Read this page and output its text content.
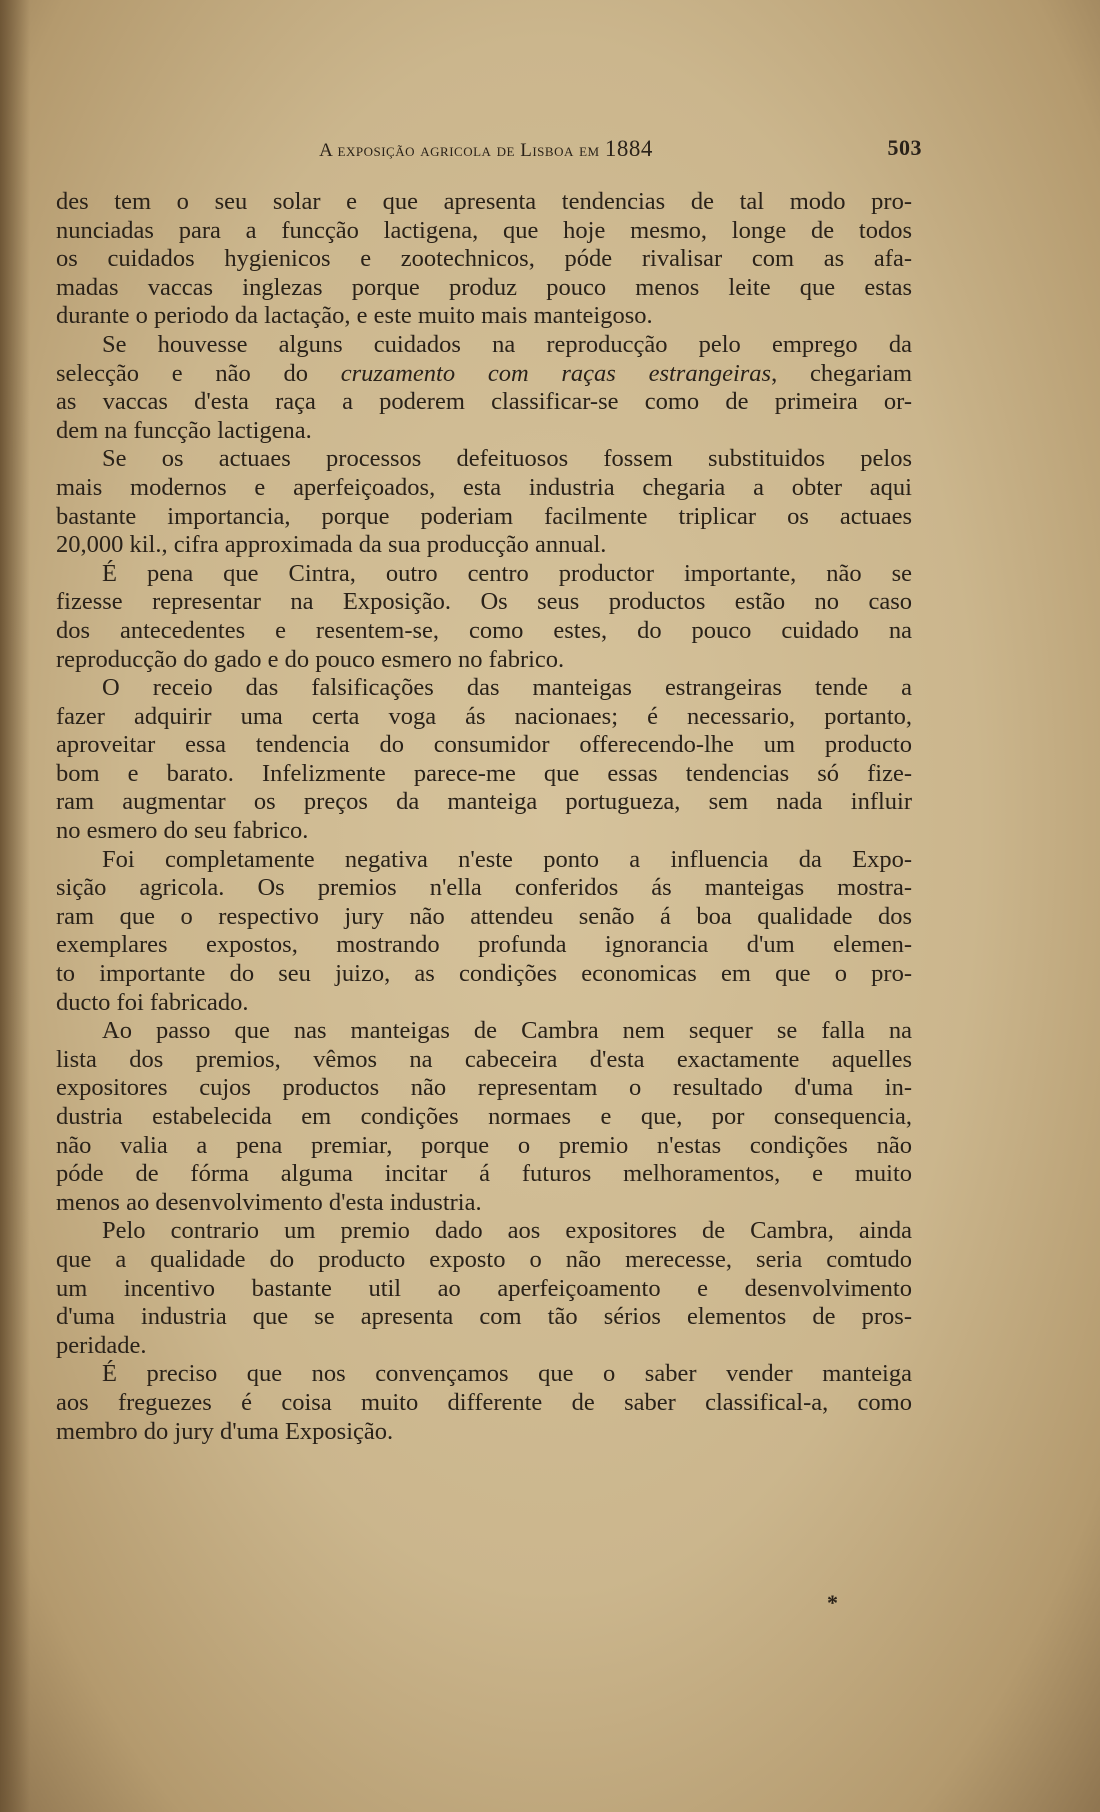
A exposição agricola de Lisboa em 1884	503
des tem o seu solar e que apresenta tendencias de tal modo pro-
nunciadas para a funcção lactigena, que hoje mesmo, longe de todos
os cuidados hygienicos e zootechnicos, póde rivalisar com as afa-
madas vaccas inglezas porque produz pouco menos leite que estas
durante o periodo da lactação, e este muito mais manteigoso.
Se houvesse alguns cuidados na reproducção pelo emprego da
selecção e não do cruzamento com raças estrangeiras, chegariam
as vaccas d'esta raça a poderem classificar-se como de primeira or-
dem na funcção lactigena.
Se os actuaes processos defeituosos fossem substituidos pelos
mais modernos e aperfeiçoados, esta industria chegaria a obter aqui
bastante importancia, porque poderiam facilmente triplicar os actuaes
20,000 kil., cifra approximada da sua producção annual.
É pena que Cintra, outro centro productor importante, não se
fizesse representar na Exposição. Os seus productos estão no caso
dos antecedentes e resentem-se, como estes, do pouco cuidado na
reproducção do gado e do pouco esmero no fabrico.
O receio das falsificações das manteigas estrangeiras tende a
fazer adquirir uma certa voga ás nacionaes; é necessario, portanto,
aproveitar essa tendencia do consumidor offerecendo-lhe um producto
bom e barato. Infelizmente parece-me que essas tendencias só fize-
ram augmentar os preços da manteiga portugueza, sem nada influir
no esmero do seu fabrico.
Foi completamente negativa n'este ponto a influencia da Expo-
sição agricola. Os premios n'ella conferidos ás manteigas mostra-
ram que o respectivo jury não attendeu senão á boa qualidade dos
exemplares expostos, mostrando profunda ignorancia d'um elemen-
to importante do seu juizo, as condições economicas em que o pro-
ducto foi fabricado.
Ao passo que nas manteigas de Cambra nem sequer se falla na
lista dos premios, vêmos na cabeceira d'esta exactamente aquelles
expositores cujos productos não representam o resultado d'uma in-
dustria estabelecida em condições normaes e que, por consequencia,
não valia a pena premiar, porque o premio n'estas condições não
póde de fórma alguma incitar á futuros melhoramentos, e muito
menos ao desenvolvimento d'esta industria.
Pelo contrario um premio dado aos expositores de Cambra, ainda
que a qualidade do producto exposto o não merecesse, seria comtudo
um incentivo bastante util ao aperfeiçoamento e desenvolvimento
d'uma industria que se apresenta com tão sérios elementos de pros-
peridade.
É preciso que nos convençamos que o saber vender manteiga
aos freguezes é coisa muito differente de saber classifical-a, como
membro do jury d'uma Exposição.
*
